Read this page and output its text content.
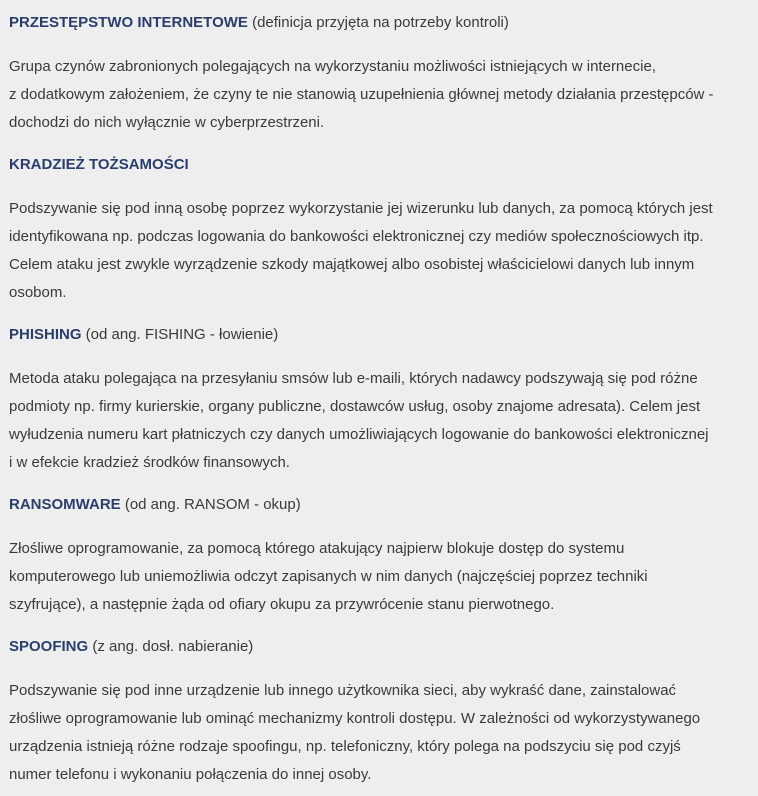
PRZESTĘPSTWO INTERNETOWE (definicja przyjęta na potrzeby kontroli)
Grupa czynów zabronionych polegających na wykorzystaniu możliwości istniejących w internecie,
z dodatkowym założeniem, że czyny te nie stanowią uzupełnienia głównej metody działania przestępców -
dochodzi do nich wyłącznie w cyberprzestrzeni.
KRADZIEŻ TOŻSAMOŚCI
Podszywanie się pod inną osobę poprzez wykorzystanie jej wizerunku lub danych, za pomocą których jest
identyfikowana np. podczas logowania do bankowości elektronicznej czy mediów społecznościowych itp.
Celem ataku jest zwykle wyrządzenie szkody majątkowej albo osobistej właścicielowi danych lub innym
osobom.
PHISHING (od ang. FISHING - łowienie)
Metoda ataku polegająca na przesyłaniu smsów lub e-maili, których nadawcy podszywają się pod różne
podmioty np. firmy kurierskie, organy publiczne, dostawców usług, osoby znajome adresata). Celem jest
wyłudzenia numeru kart płatniczych czy danych umożliwiających logowanie do bankowości elektronicznej
i w efekcie kradzież środków finansowych.
RANSOMWARE (od ang. RANSOM - okup)
Złośliwe oprogramowanie, za pomocą którego atakujący najpierw blokuje dostęp do systemu
komputerowego lub uniemożliwia odczyt zapisanych w nim danych (najczęściej poprzez techniki
szyfrujące), a następnie żąda od ofiary okupu za przywrócenie stanu pierwotnego.
SPOOFING (z ang. dosł. nabieranie)
Podszywanie się pod inne urządzenie lub innego użytkownika sieci, aby wykraść dane, zainstalować
złośliwe oprogramowanie lub ominąć mechanizmy kontroli dostępu. W zależności od wykorzystywanego
urządzenia istnieją różne rodzaje spoofingu, np. telefoniczny, który polega na podszyciu się pod czyjś
numer telefonu i wykonaniu połączenia do innej osoby.
